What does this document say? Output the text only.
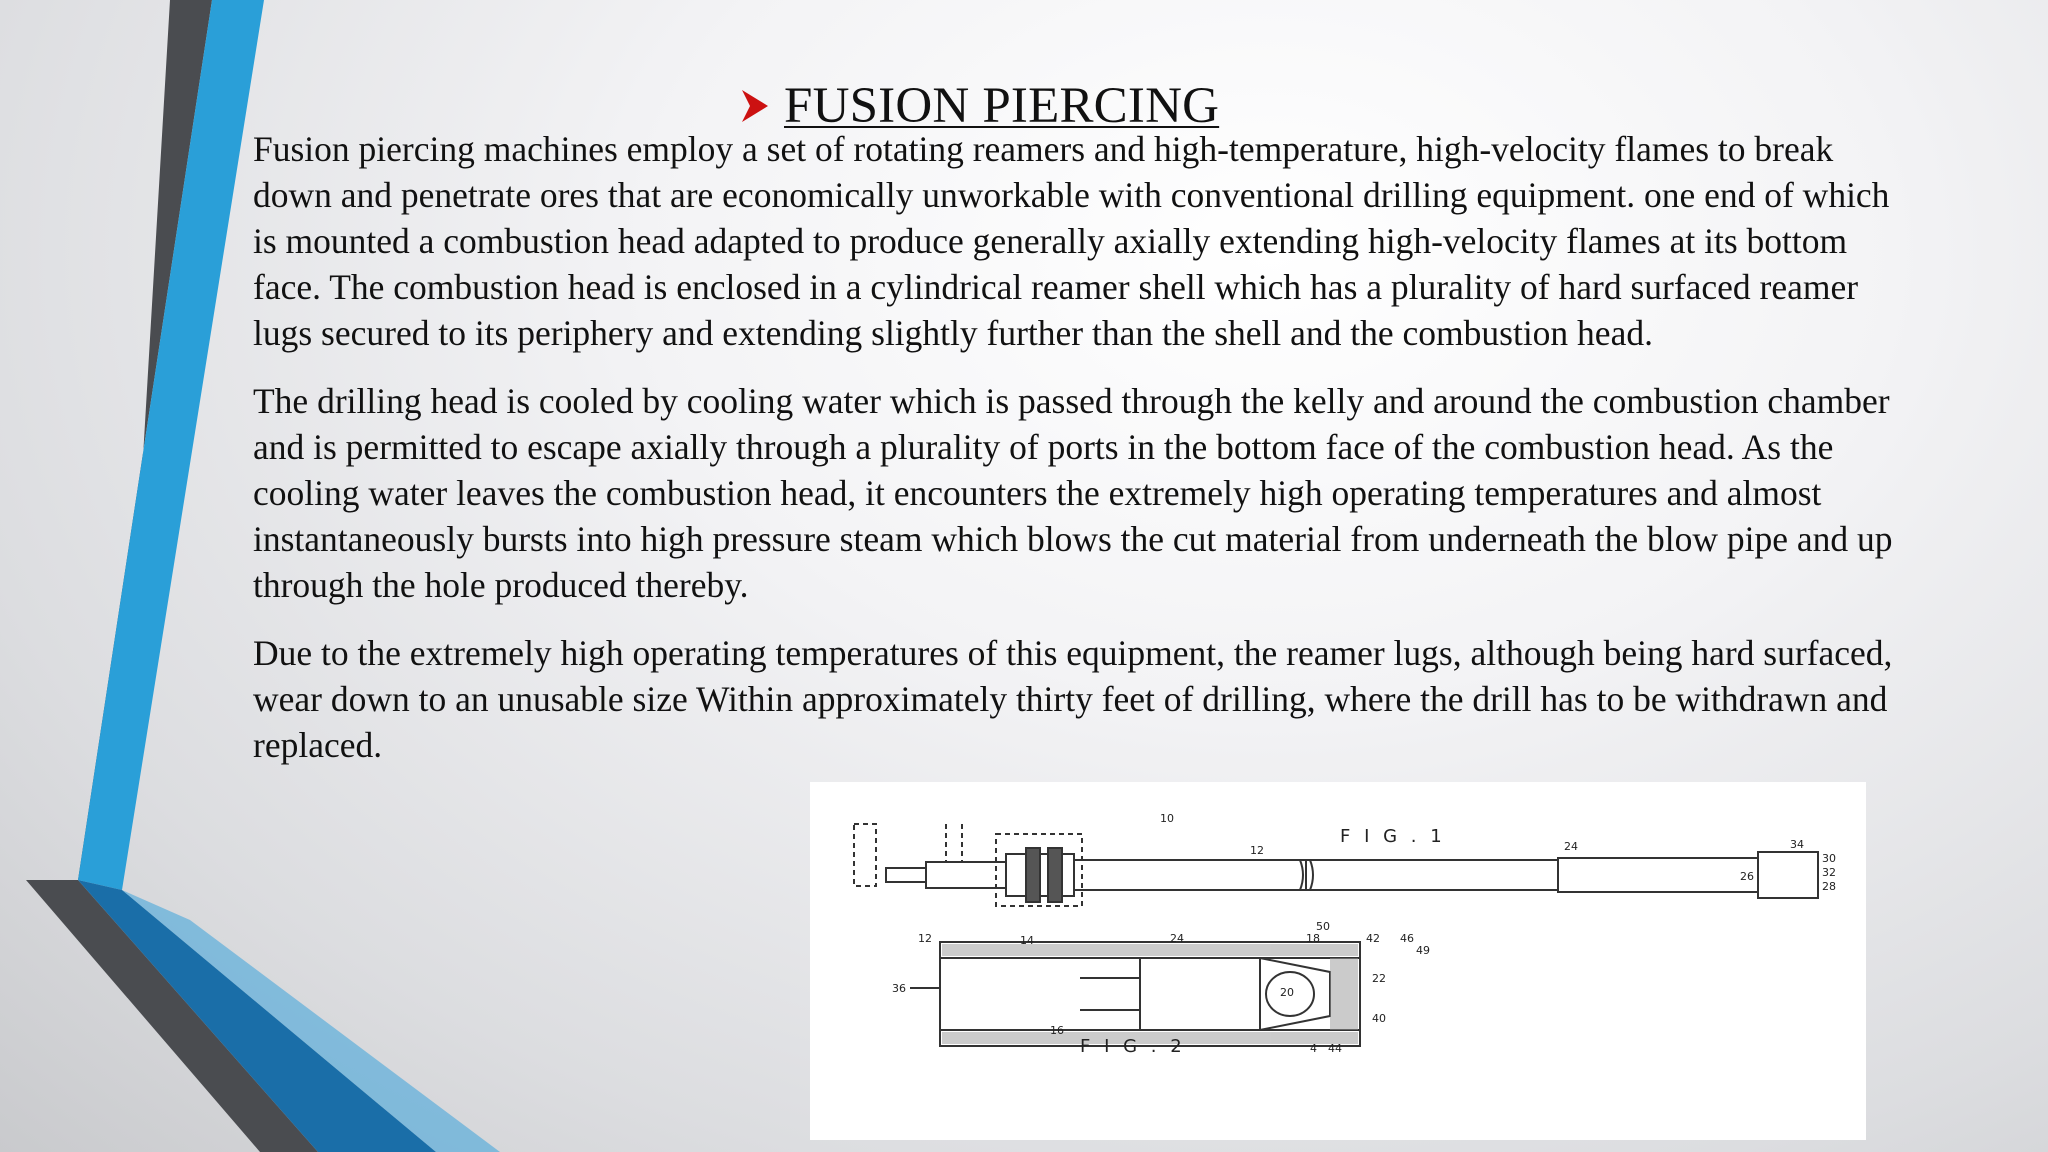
FUSION PIERCING

Fusion piercing machines employ a set of rotating reamers and high-temperature, high-velocity flames to break down and penetrate ores that are economically unworkable with conventional drilling equipment. one end of which is mounted a combustion head adapted to produce generally axially extending high-velocity flames at its bottom face. The combustion head is enclosed in a cylindrical reamer shell which has a plurality of hard surfaced reamer lugs secured to its periphery and extending slightly further than the shell and the combustion head.

The drilling head is cooled by cooling water which is passed through the kelly and around the combustion chamber and is permitted to escape axially through a plurality of ports in the bottom face of the combustion head. As the cooling water leaves the combustion head, it encounters the extremely high operating temperatures and almost instantaneously bursts into high pressure steam which blows the cut material from underneath the blow pipe and up through the hole produced thereby.

Due to the extremely high operating temperatures of this equipment, the reamer lugs, although being hard surfaced, wear down to an unusable size Within approximately thirty feet of drilling, where the drill has to be withdrawn and replaced.

F I G . 1
F I G . 2
10
12	24
26
34
30
32
28
12	14	24
36
16
18
22
40
4 44
46
49
50
20
42
